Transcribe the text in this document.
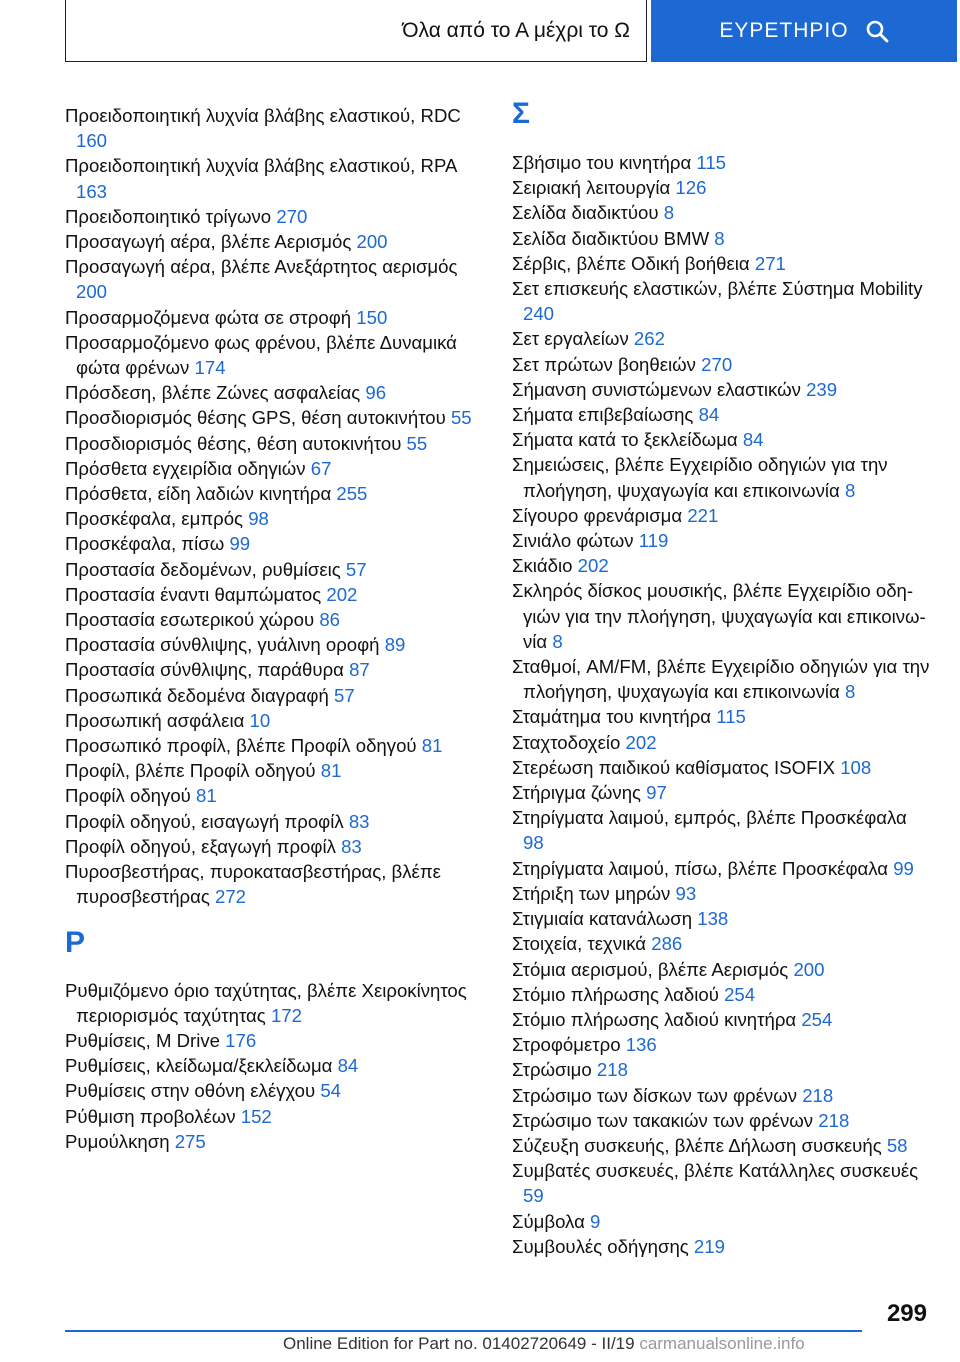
Όλα από το Α μέχρι το Ω	ΕΥΡΕΤΗΡΙΟ
Προειδοποιητική λυχνία βλάβης ελαστικού, RDC 160
Προειδοποιητική λυχνία βλάβης ελαστικού, RPA 163
Προειδοποιητικό τρίγωνο 270
Προσαγωγή αέρα, βλέπε Αερισμός 200
Προσαγωγή αέρα, βλέπε Ανεξάρτητος αερισμός 200
Προσαρμοζόμενα φώτα σε στροφή 150
Προσαρμοζόμενο φως φρένου, βλέπε Δυναμικά φώτα φρένων 174
Πρόσδεση, βλέπε Ζώνες ασφαλείας 96
Προσδιορισμός θέσης GPS, θέση αυτοκινήτου 55
Προσδιορισμός θέσης, θέση αυτοκινήτου 55
Πρόσθετα εγχειρίδια οδηγιών 67
Πρόσθετα, είδη λαδιών κινητήρα 255
Προσκέφαλα, εμπρός 98
Προσκέφαλα, πίσω 99
Προστασία δεδομένων, ρυθμίσεις 57
Προστασία έναντι θαμπώματος 202
Προστασία εσωτερικού χώρου 86
Προστασία σύνθλιψης, γυάλινη οροφή 89
Προστασία σύνθλιψης, παράθυρα 87
Προσωπικά δεδομένα διαγραφή 57
Προσωπική ασφάλεια 10
Προσωπικό προφίλ, βλέπε Προφίλ οδηγού 81
Προφίλ, βλέπε Προφίλ οδηγού 81
Προφίλ οδηγού 81
Προφίλ οδηγού, εισαγωγή προφίλ 83
Προφίλ οδηγού, εξαγωγή προφίλ 83
Πυροσβεστήρας, πυροκατασβεστήρας, βλέπε πυροσβεστήρας 272
Ρ
Ρυθμιζόμενο όριο ταχύτητας, βλέπε Χειροκίνητος περιορισμός ταχύτητας 172
Ρυθμίσεις, M Drive 176
Ρυθμίσεις, κλείδωμα/ξεκλείδωμα 84
Ρυθμίσεις στην οθόνη ελέγχου 54
Ρύθμιση προβολέων 152
Ρυμούλκηση 275
Σ
Σβήσιμο του κινητήρα 115
Σειριακή λειτουργία 126
Σελίδα διαδικτύου 8
Σελίδα διαδικτύου BMW 8
Σέρβις, βλέπε Οδική βοήθεια 271
Σετ επισκευής ελαστικών, βλέπε Σύστημα Mobility 240
Σετ εργαλείων 262
Σετ πρώτων βοηθειών 270
Σήμανση συνιστώμενων ελαστικών 239
Σήματα επιβεβαίωσης 84
Σήματα κατά το ξεκλείδωμα 84
Σημειώσεις, βλέπε Εγχειρίδιο οδηγιών για την πλοήγηση, ψυχαγωγία και επικοινωνία 8
Σίγουρο φρενάρισμα 221
Σινιάλο φώτων 119
Σκιάδιο 202
Σκληρός δίσκος μουσικής, βλέπε Εγχειρίδιο οδηγιών για την πλοήγηση, ψυχαγωγία και επικοινωνία 8
Σταθμοί, AM/FM, βλέπε Εγχειρίδιο οδηγιών για την πλοήγηση, ψυχαγωγία και επικοινωνία 8
Σταμάτημα του κινητήρα 115
Σταχτοδοχείο 202
Στερέωση παιδικού καθίσματος ISOFIX 108
Στήριγμα ζώνης 97
Στηρίγματα λαιμού, εμπρός, βλέπε Προσκέφαλα 98
Στηρίγματα λαιμού, πίσω, βλέπε Προσκέφαλα 99
Στήριξη των μηρών 93
Στιγμιαία κατανάλωση 138
Στοιχεία, τεχνικά 286
Στόμια αερισμού, βλέπε Αερισμός 200
Στόμιο πλήρωσης λαδιού 254
Στόμιο πλήρωσης λαδιού κινητήρα 254
Στροφόμετρο 136
Στρώσιμο 218
Στρώσιμο των δίσκων των φρένων 218
Στρώσιμο των τακακιών των φρένων 218
Σύζευξη συσκευής, βλέπε Δήλωση συσκευής 58
Συμβατές συσκευές, βλέπε Κατάλληλες συσκευές 59
Σύμβολα 9
Συμβουλές οδήγησης 219
299
Online Edition for Part no. 01402720649 - II/19 carmanualsonline.info
